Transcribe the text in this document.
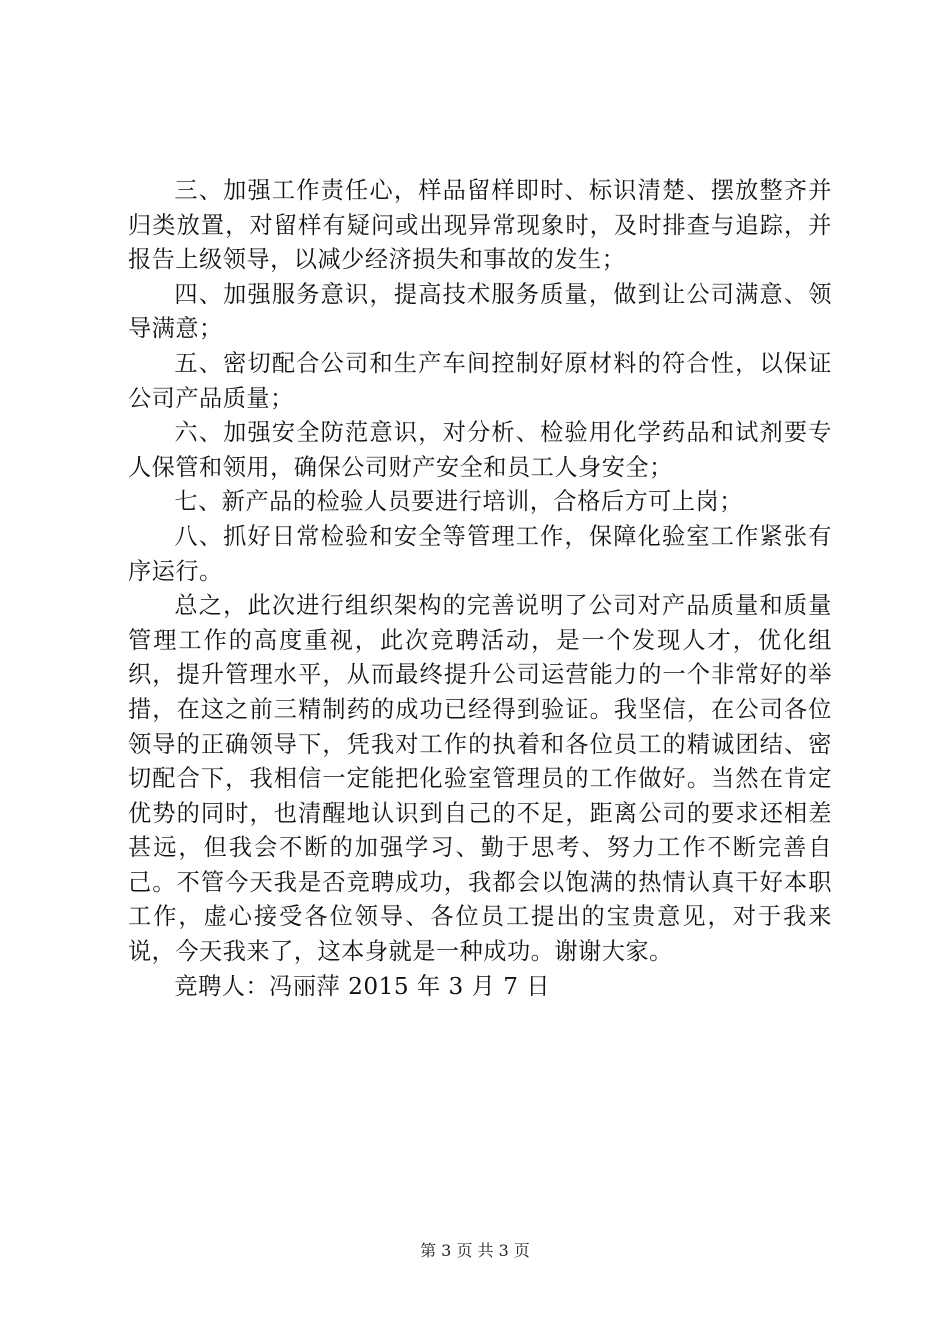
三、加强工作责任心，样品留样即时、标识清楚、摆放整齐并归类放置，对留样有疑问或出现异常现象时，及时排查与追踪，并报告上级领导，以减少经济损失和事故的发生；

四、加强服务意识，提高技术服务质量，做到让公司满意、领导满意；

五、密切配合公司和生产车间控制好原材料的符合性，以保证公司产品质量；

六、加强安全防范意识，对分析、检验用化学药品和试剂要专人保管和领用，确保公司财产安全和员工人身安全；

七、新产品的检验人员要进行培训，合格后方可上岗；

八、抓好日常检验和安全等管理工作，保障化验室工作紧张有序运行。

总之，此次进行组织架构的完善说明了公司对产品质量和质量管理工作的高度重视，此次竞聘活动，是一个发现人才，优化组织，提升管理水平，从而最终提升公司运营能力的一个非常好的举措，在这之前三精制药的成功已经得到验证。我坚信，在公司各位领导的正确领导下，凭我对工作的执着和各位员工的精诚团结、密切配合下，我相信一定能把化验室管理员的工作做好。当然在肯定优势的同时，也清醒地认识到自己的不足，距离公司的要求还相差甚远，但我会不断的加强学习、勤于思考、努力工作不断完善自己。不管今天我是否竞聘成功，我都会以饱满的热情认真干好本职工作，虚心接受各位领导、各位员工提出的宝贵意见，对于我来说，今天我来了，这本身就是一种成功。谢谢大家。

竞聘人：冯丽萍 2015 年 3 月 7 日

第 3 页 共 3 页
